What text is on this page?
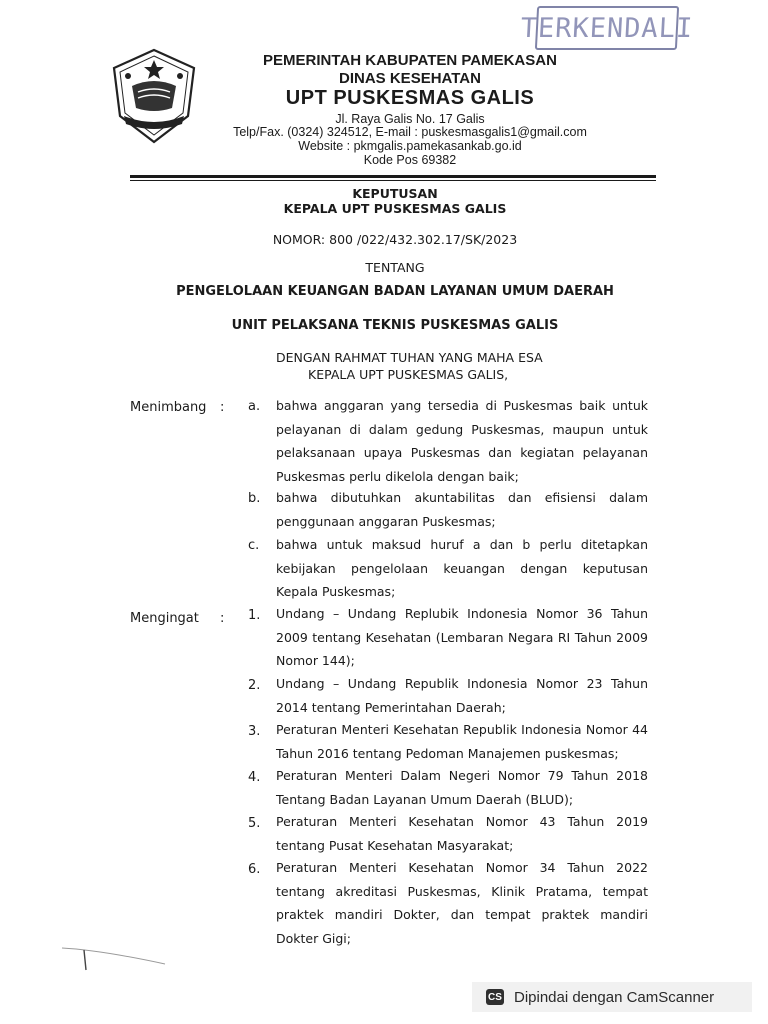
TERKENDALI
PEMERINTAH KABUPATEN PAMEKASAN
DINAS KESEHATAN
UPT PUSKESMAS GALIS
Jl. Raya Galis No. 17 Galis
Telp/Fax. (0324) 324512, E-mail : puskesmasgalis1@gmail.com
Website : pkmgalis.pamekasankab.go.id
Kode Pos 69382
KEPUTUSAN
KEPALA UPT PUSKESMAS GALIS
NOMOR: 800 /022/432.302.17/SK/2023
TENTANG
PENGELOLAAN KEUANGAN BADAN LAYANAN UMUM DAERAH
UNIT PELAKSANA TEKNIS PUSKESMAS GALIS
DENGAN RAHMAT TUHAN YANG MAHA ESA
KEPALA UPT PUSKESMAS GALIS,
Menimbang : a.	bahwa anggaran yang tersedia di Puskesmas baik untuk pelayanan di dalam gedung Puskesmas, maupun untuk pelaksanaan upaya Puskesmas dan kegiatan pelayanan Puskesmas perlu dikelola dengan baik;
b.	bahwa dibutuhkan akuntabilitas dan efisiensi dalam penggunaan anggaran Puskesmas;
c.	bahwa untuk maksud huruf a dan b perlu ditetapkan kebijakan pengelolaan keuangan dengan keputusan Kepala Puskesmas;
Mengingat : 1.	Undang – Undang Replubik Indonesia Nomor 36 Tahun 2009 tentang Kesehatan (Lembaran Negara RI Tahun 2009 Nomor 144);
2.	Undang – Undang Republik Indonesia Nomor 23 Tahun 2014 tentang Pemerintahan Daerah;
3.	Peraturan Menteri Kesehatan Republik Indonesia Nomor 44 Tahun 2016 tentang Pedoman Manajemen puskesmas;
4.	Peraturan Menteri Dalam Negeri Nomor 79 Tahun 2018 Tentang Badan Layanan Umum Daerah (BLUD);
5.	Peraturan Menteri Kesehatan Nomor 43 Tahun 2019 tentang Pusat Kesehatan Masyarakat;
6.	Peraturan Menteri Kesehatan Nomor 34 Tahun 2022 tentang akreditasi Puskesmas, Klinik Pratama, tempat praktek mandiri Dokter, dan tempat praktek mandiri Dokter Gigi;
CS Dipindai dengan CamScanner
